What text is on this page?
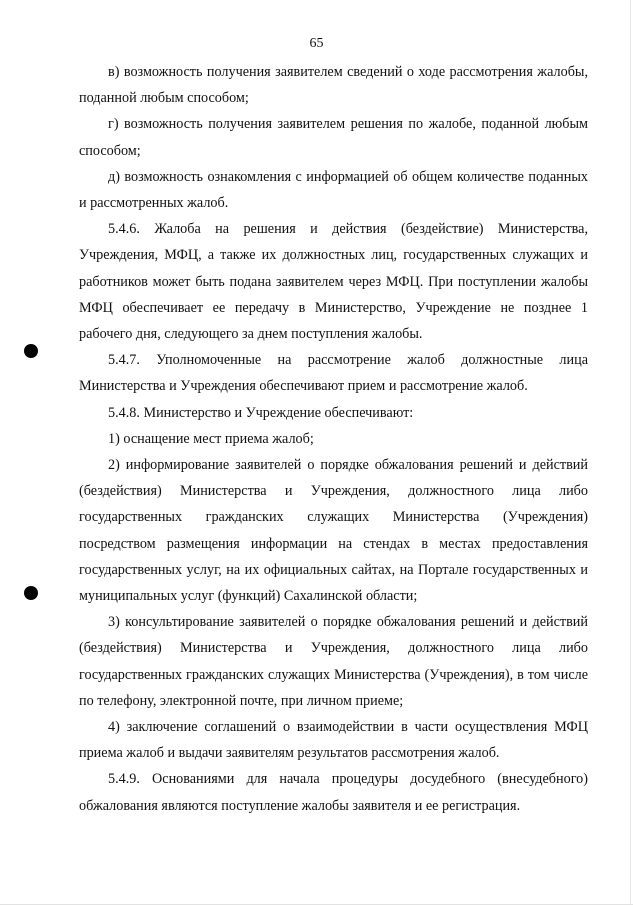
65

в) возможность получения заявителем сведений о ходе рассмотрения жалобы, поданной любым способом;

г) возможность получения заявителем решения по жалобе, поданной любым способом;

д) возможность ознакомления с информацией об общем количестве поданных и рассмотренных жалоб.

5.4.6. Жалоба на решения и действия (бездействие) Министерства, Учреждения, МФЦ, а также их должностных лиц, государственных служащих и работников может быть подана заявителем через МФЦ. При поступлении жалобы МФЦ обеспечивает ее передачу в Министерство, Учреждение не позднее 1 рабочего дня, следующего за днем поступления жалобы.

5.4.7. Уполномоченные на рассмотрение жалоб должностные лица Министерства и Учреждения обеспечивают прием и рассмотрение жалоб.

5.4.8. Министерство и Учреждение обеспечивают:

1) оснащение мест приема жалоб;

2) информирование заявителей о порядке обжалования решений и действий (бездействия) Министерства и Учреждения, должностного лица либо государственных гражданских служащих Министерства (Учреждения) посредством размещения информации на стендах в местах предоставления государственных услуг, на их официальных сайтах, на Портале государственных и муниципальных услуг (функций) Сахалинской области;

3) консультирование заявителей о порядке обжалования решений и действий (бездействия) Министерства и Учреждения, должностного лица либо государственных гражданских служащих Министерства (Учреждения), в том числе по телефону, электронной почте, при личном приеме;

4) заключение соглашений о взаимодействии в части осуществления МФЦ приема жалоб и выдачи заявителям результатов рассмотрения жалоб.

5.4.9. Основаниями для начала процедуры досудебного (внесудебного) обжалования являются поступление жалобы заявителя и ее регистрация.
